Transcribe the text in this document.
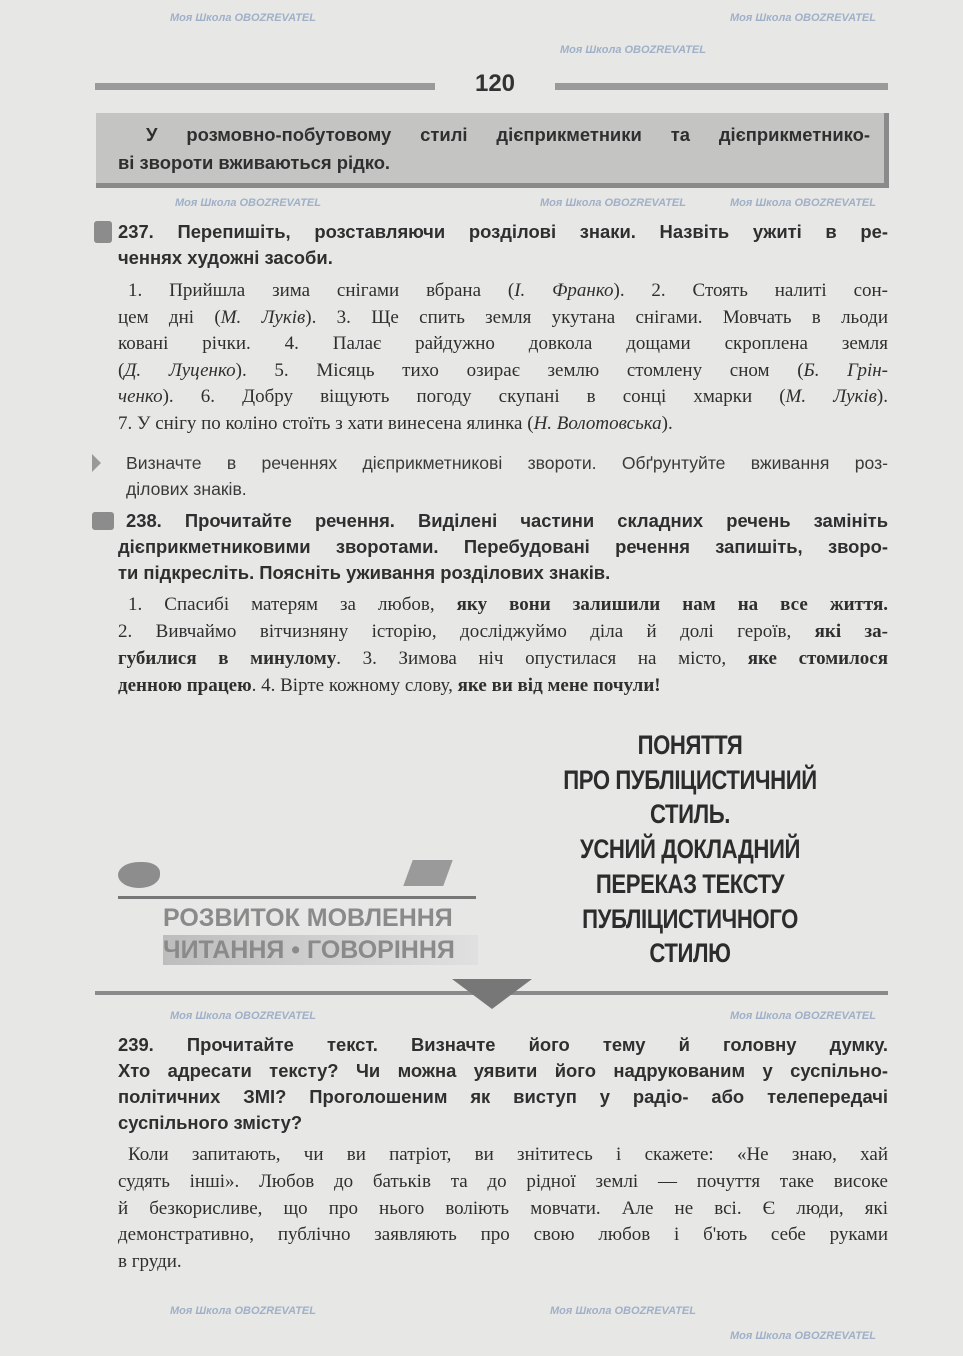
120
У розмовно-побутовому стилі дієприкметники та дієприкметнико-
ві звороти вживаються рідко.
237. Перепишіть, розставляючи розділові знаки. Назвіть ужиті в ре-
ченнях художні засоби.
1. Прийшла зима снігами вбрана (І. Франко). 2. Стоять налиті сон-
цем дні (М. Луків). 3. Ще спить земля укутана снігами. Мовчать в льоди
ковані річки. 4. Палає райдужно довкола дощами скроплена земля
(Д. Луценко). 5. Місяць тихо озирає землю стомлену сном (Б. Грін-
ченко). 6. Добру віщують погоду скупані в сонці хмарки (М. Луків).
7. У снігу по коліно стоїть з хати винесена ялинка (Н. Волотовська).
Визначте в реченнях дієприкметникові звороти. Обґрунтуйте вживання роз-
ділових знаків.
238. Прочитайте речення. Виділені частини складних речень замініть
дієприкметниковими зворотами. Перебудовані речення запишіть, зворо-
ти підкресліть. Поясніть уживання розділових знаків.
1. Спасибі матерям за любов, яку вони залишили нам на все життя.
2. Вивчаймо вітчизняну історію, досліджуймо діла й долі героїв, які за-
губилися в минулому. 3. Зимова ніч опустилася на місто, яке стомилося
денною працею. 4. Вірте кожному слову, яке ви від мене почули!
ПОНЯТТЯ
ПРО ПУБЛІЦИСТИЧНИЙ
СТИЛЬ.
УСНИЙ ДОКЛАДНИЙ
ПЕРЕКАЗ ТЕКСТУ
ПУБЛІЦИСТИЧНОГО
СТИЛЮ
РОЗВИТОК МОВЛЕННЯ
ЧИТАННЯ • ГОВОРІННЯ
239. Прочитайте текст. Визначте його тему й головну думку.
Хто адресати тексту? Чи можна уявити його надрукованим у суспільно-
політичних ЗМІ? Проголошеним як виступ у радіо- або телепередачі
суспільного змісту?
Коли запитають, чи ви патріот, ви знітитесь і скажете: «Не знаю, хай
судять інші». Любов до батьків та до рідної землі — почуття таке високе
й безкорисливе, що про нього воліють мовчати. Але не всі. Є люди, які
демонстративно, публічно заявляють про свою любов і б'ють себе руками
в груди.
Моя Школа OBOZREVATEL	Моя Школа OBOZREVATEL
Моя Школа OBOZREVATEL
Моя Школа OBOZREVATEL	Моя Школа OBOZREVATEL	Моя Школа OBOZREVATEL
Моя Школа OBOZREVATEL	Моя Школа OBOZREVATEL
Моя Школа OBOZREVATEL	Моя Школа OBOZREVATEL
Моя Школа OBOZREVATEL
